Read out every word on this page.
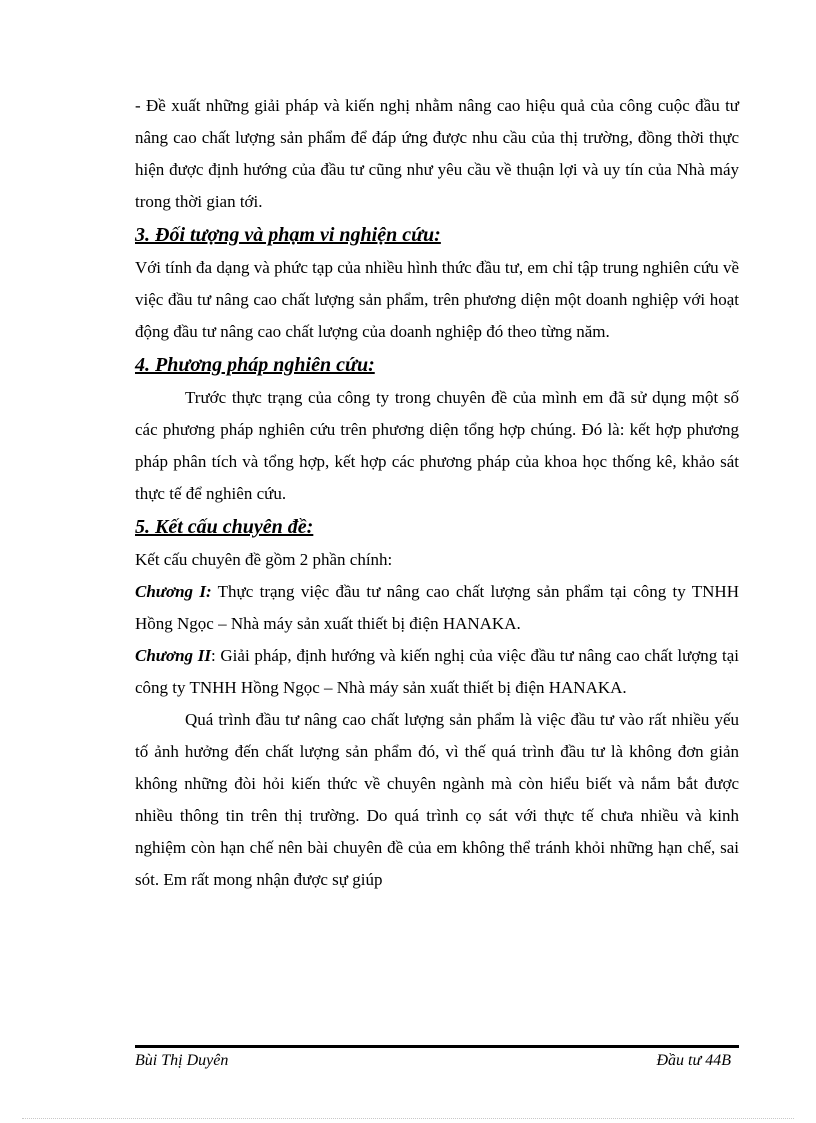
- Đề xuất những giải pháp và kiến nghị nhằm nâng cao hiệu quả của công cuộc đầu tư nâng cao chất lượng sản phẩm để đáp ứng được nhu cầu của thị trường, đồng thời thực hiện được định hướng của đầu tư cũng như yêu cầu về thuận lợi và uy tín của Nhà máy trong thời gian tới.

3. Đối tượng và phạm vi nghiện cứu:

Với tính đa dạng và phức tạp của nhiều hình thức đầu tư, em chỉ tập trung nghiên cứu về việc đầu tư nâng cao chất lượng sản phẩm, trên phương diện một doanh nghiệp với hoạt động đầu tư nâng cao chất lượng của doanh nghiệp đó theo từng năm.

4. Phương pháp nghiên cứu:

Trước thực trạng của công ty trong chuyên đề của mình em đã sử dụng một số các phương pháp nghiên cứu trên phương diện tổng hợp chúng. Đó là: kết hợp phương pháp phân tích và tổng hợp, kết hợp các phương pháp của khoa học thống kê, khảo sát thực tế để nghiên cứu.

5. Kết cấu chuyên đề:

Kết cấu chuyên đề gồm 2 phần chính:

Chương I: Thực trạng việc đầu tư nâng cao chất lượng sản phẩm tại công ty TNHH Hồng Ngọc – Nhà máy sản xuất thiết bị điện HANAKA.

Chương II: Giải pháp, định hướng và kiến nghị của việc đầu tư nâng cao chất lượng tại công ty TNHH Hồng Ngọc – Nhà máy sản xuất thiết bị điện HANAKA.

Quá trình đầu tư nâng cao chất lượng sản phẩm là việc đầu tư vào rất nhiều yếu tố ảnh hưởng đến chất lượng sản phẩm đó, vì thế quá trình đầu tư là không đơn giản không những đòi hỏi kiến thức về chuyên ngành mà còn hiểu biết và nắm bắt được nhiều thông tin trên thị trường. Do quá trình cọ sát với thực tế chưa nhiều và kinh nghiệm còn hạn chế nên bài chuyên đề của em không thể tránh khỏi những hạn chế, sai sót. Em rất mong nhận được sự giúp

Bùi Thị Duyên	Đầu tư 44B
